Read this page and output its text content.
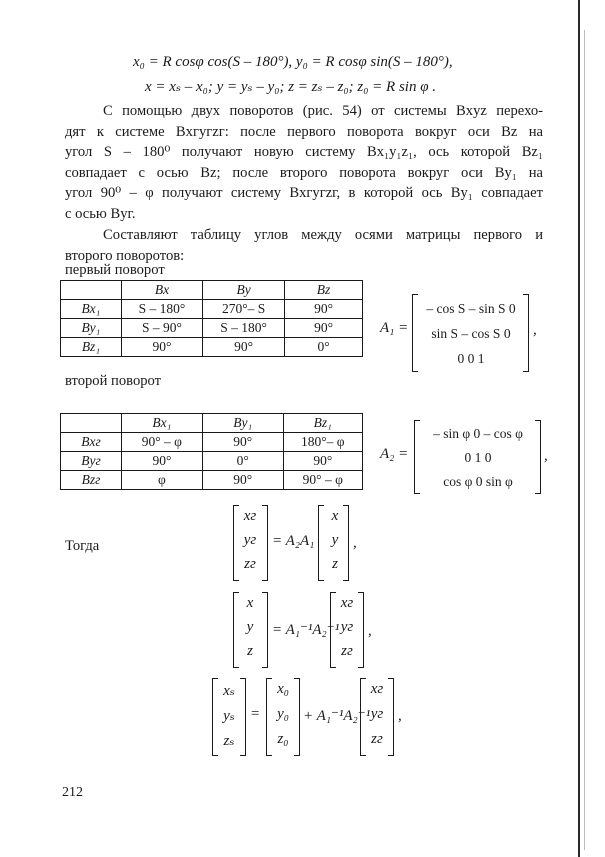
x₀ = R cosφ cos(S – 180°), y₀ = R cosφ sin(S – 180°),
x = xₛ – x₀; y = yₛ – y₀; z = zₛ – z₀; z₀ = R sin φ .
С помощью двух поворотов (рис. 54) от системы Bxyz перехо-
дят к системе Bxгyгzг: после первого поворота вокруг оси Bz на
угол S – 180⁰ получают новую систему Bx₁y₁z₁, ось которой Bz₁
совпадает с осью Bz; после второго поворота вокруг оси By₁ на
угол 90⁰ – φ получают систему Bxгyгzг, в которой ось By₁ совпадает
с осью Byг.
Составляют таблицу углов между осями матрицы первого и
второго поворотов:
первый поворот
	Bx	By	Bz
Bx₁	S – 180°	270°– S	90°
By₁	S – 90°	S – 180°	90°
Bz₁	90°	90°	0°
A₁ =
– cos S – sin S 0
sin S – cos S 0
0 0 1
,
второй поворот
	Bx₁	By₁	Bz₁
Bxг	90° – φ	90°	180°– φ
Byг	90°	0°	90°
Bzг	φ	90°	90° – φ
A₂ =
– sin φ 0 – cos φ
0 1 0
cos φ 0 sin φ
,
Тогда
xг
yг
zг
= A₂A₁
x
y
z
,
x
y
z
= A₁⁻¹A₂⁻¹
xг
yг
zг
,
xₛ
yₛ
zₛ
=
x₀
y₀
z₀
+ A₁⁻¹A₂⁻¹
xг
yг
zг
,
212
